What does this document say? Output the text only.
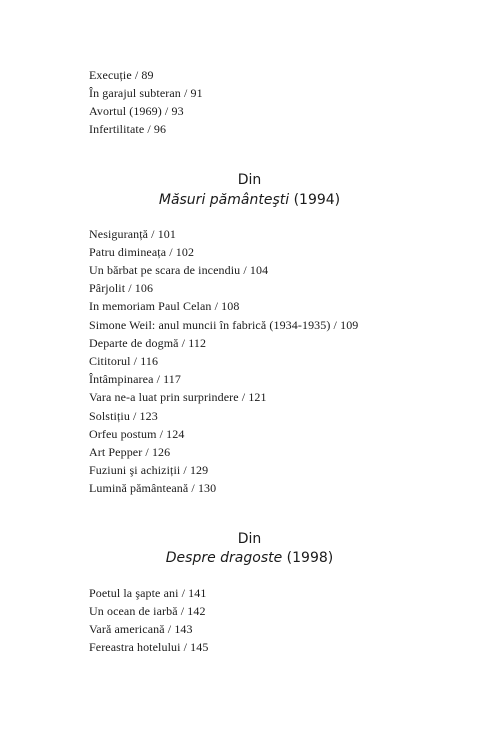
Execuție / 89
În garajul subteran / 91
Avortul (1969) / 93
Infertilitate / 96
Din
Măsuri pământeşti (1994)
Nesiguranță / 101
Patru dimineața / 102
Un bărbat pe scara de incendiu / 104
Pârjolit / 106
In memoriam Paul Celan / 108
Simone Weil: anul muncii în fabrică (1934-1935) / 109
Departe de dogmă / 112
Cititorul / 116
Întâmpinarea / 117
Vara ne-a luat prin surprindere / 121
Solstițiu / 123
Orfeu postum / 124
Art Pepper / 126
Fuziuni şi achiziții / 129
Lumină pământeană / 130
Din
Despre dragoste (1998)
Poetul la şapte ani / 141
Un ocean de iarbă / 142
Vară americană / 143
Fereastra hotelului / 145
